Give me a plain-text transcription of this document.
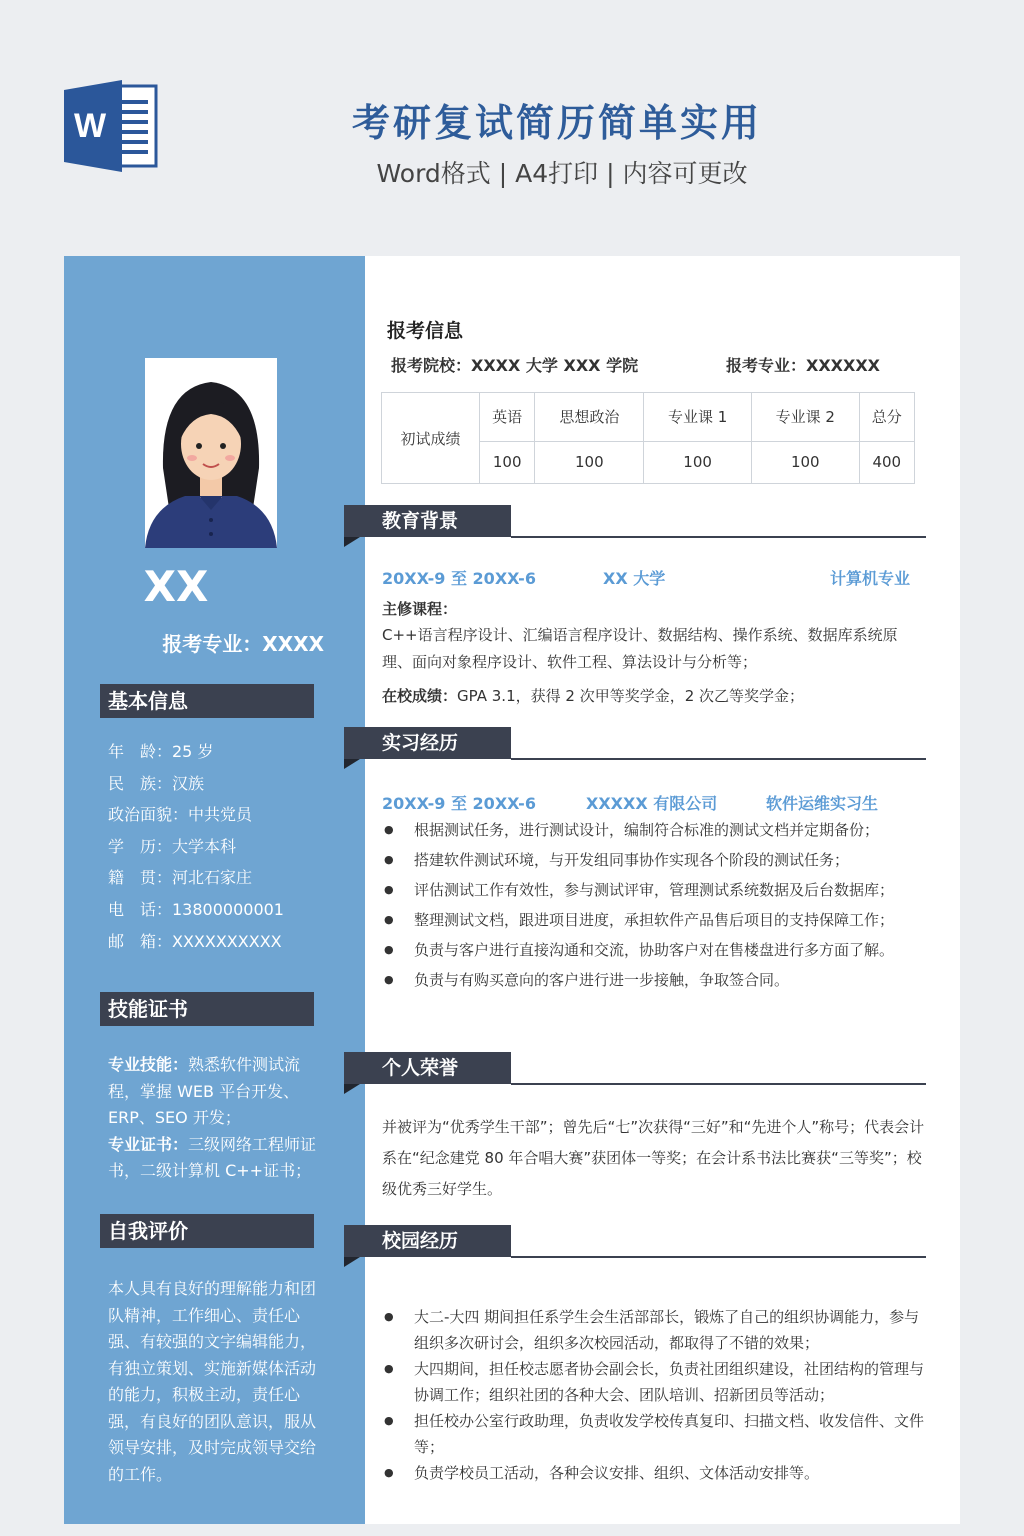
W	考研复试简历简单实用
Word格式 | A4打印 | 内容可更改
XX
报考专业：XXXX
基本信息
年　龄：25 岁
民　族：汉族
政治面貌：中共党员
学　历：大学本科
籍　贯：河北石家庄
电　话：13800000001
邮　箱：XXXXXXXXXX
技能证书
专业技能：熟悉软件测试流程，掌握 WEB 平台开发、ERP、SEO 开发；
专业证书：三级网络工程师证书，二级计算机 C++证书；
自我评价
本人具有良好的理解能力和团队精神，工作细心、责任心强、有较强的文字编辑能力，有独立策划、实施新媒体活动的能力，积极主动，责任心强，有良好的团队意识，服从领导安排，及时完成领导交给的工作。
报考信息
报考院校：XXXX 大学 XXX 学院	报考专业：XXXXXX
初试成绩	英语	思想政治	专业课 1	专业课 2	总分
	100	100	100	100	400
教育背景
20XX-9 至 20XX-6	XX 大学	计算机专业
主修课程：
C++语言程序设计、汇编语言程序设计、数据结构、操作系统、数据库系统原理、面向对象程序设计、软件工程、算法设计与分析等；
在校成绩：GPA 3.1，获得 2 次甲等奖学金，2 次乙等奖学金；
实习经历
20XX-9 至 20XX-6	XXXXX 有限公司	软件运维实习生
● 根据测试任务，进行测试设计，编制符合标准的测试文档并定期备份；
● 搭建软件测试环境，与开发组同事协作实现各个阶段的测试任务；
● 评估测试工作有效性，参与测试评审，管理测试系统数据及后台数据库；
● 整理测试文档，跟进项目进度，承担软件产品售后项目的支持保障工作；
● 负责与客户进行直接沟通和交流，协助客户对在售楼盘进行多方面了解。
● 负责与有购买意向的客户进行进一步接触，争取签合同。
个人荣誉
并被评为“优秀学生干部”；曾先后“七”次获得“三好”和“先进个人”称号；代表会计系在“纪念建党 80 年合唱大赛”获团体一等奖；在会计系书法比赛获“三等奖”；校级优秀三好学生。
校园经历
● 大二-大四 期间担任系学生会生活部部长，锻炼了自己的组织协调能力，参与组织多次研讨会，组织多次校园活动，都取得了不错的效果；
● 大四期间，担任校志愿者协会副会长，负责社团组织建设，社团结构的管理与协调工作；组织社团的各种大会、团队培训、招新团员等活动；
● 担任校办公室行政助理，负责收发学校传真复印、扫描文档、收发信件、文件等；
● 负责学校员工活动，各种会议安排、组织、文体活动安排等。
